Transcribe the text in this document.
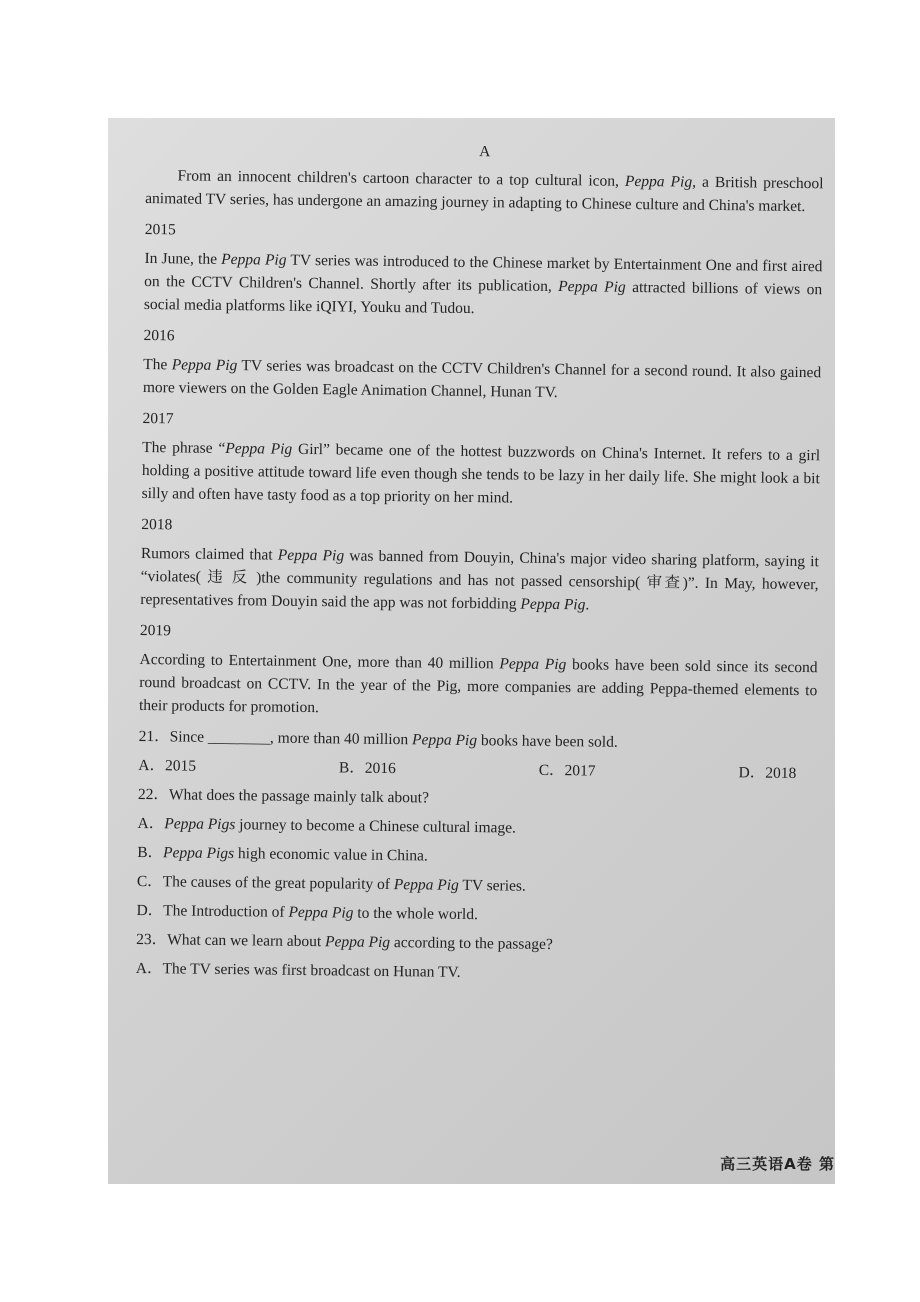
A

From an innocent children's cartoon character to a top cultural icon, Peppa Pig, a British preschool animated TV series, has undergone an amazing journey in adapting to Chinese culture and China's market.

2015

In June, the Peppa Pig TV series was introduced to the Chinese market by Entertainment One and first aired on the CCTV Children's Channel. Shortly after its publication, Peppa Pig attracted billions of views on social media platforms like iQIYI, Youku and Tudou.

2016

The Peppa Pig TV series was broadcast on the CCTV Children's Channel for a second round. It also gained more viewers on the Golden Eagle Animation Channel, Hunan TV.

2017

The phrase “Peppa Pig Girl” became one of the hottest buzzwords on China's Internet. It refers to a girl holding a positive attitude toward life even though she tends to be lazy in her daily life. She might look a bit silly and often have tasty food as a top priority on her mind.

2018

Rumors claimed that Peppa Pig was banned from Douyin, China's major video sharing platform, saying it “violates( 违 反 )the community regulations and has not passed censorship( 审查)”. In May, however, representatives from Douyin said the app was not forbidding Peppa Pig.

2019

According to Entertainment One, more than 40 million Peppa Pig books have been sold since its second round broadcast on CCTV. In the year of the Pig, more companies are adding Peppa-themed elements to their products for promotion.

21．Since ________, more than 40 million Peppa Pig books have been sold.
A．2015	B．2016	C．2017	D．2018
22．What does the passage mainly talk about?
A．Peppa Pigs journey to become a Chinese cultural image.
B．Peppa Pigs high economic value in China.
C．The causes of the great popularity of Peppa Pig TV series.
D．The Introduction of Peppa Pig to the whole world.
23．What can we learn about Peppa Pig according to the passage?
A．The TV series was first broadcast on Hunan TV.
高三英语A卷 第
